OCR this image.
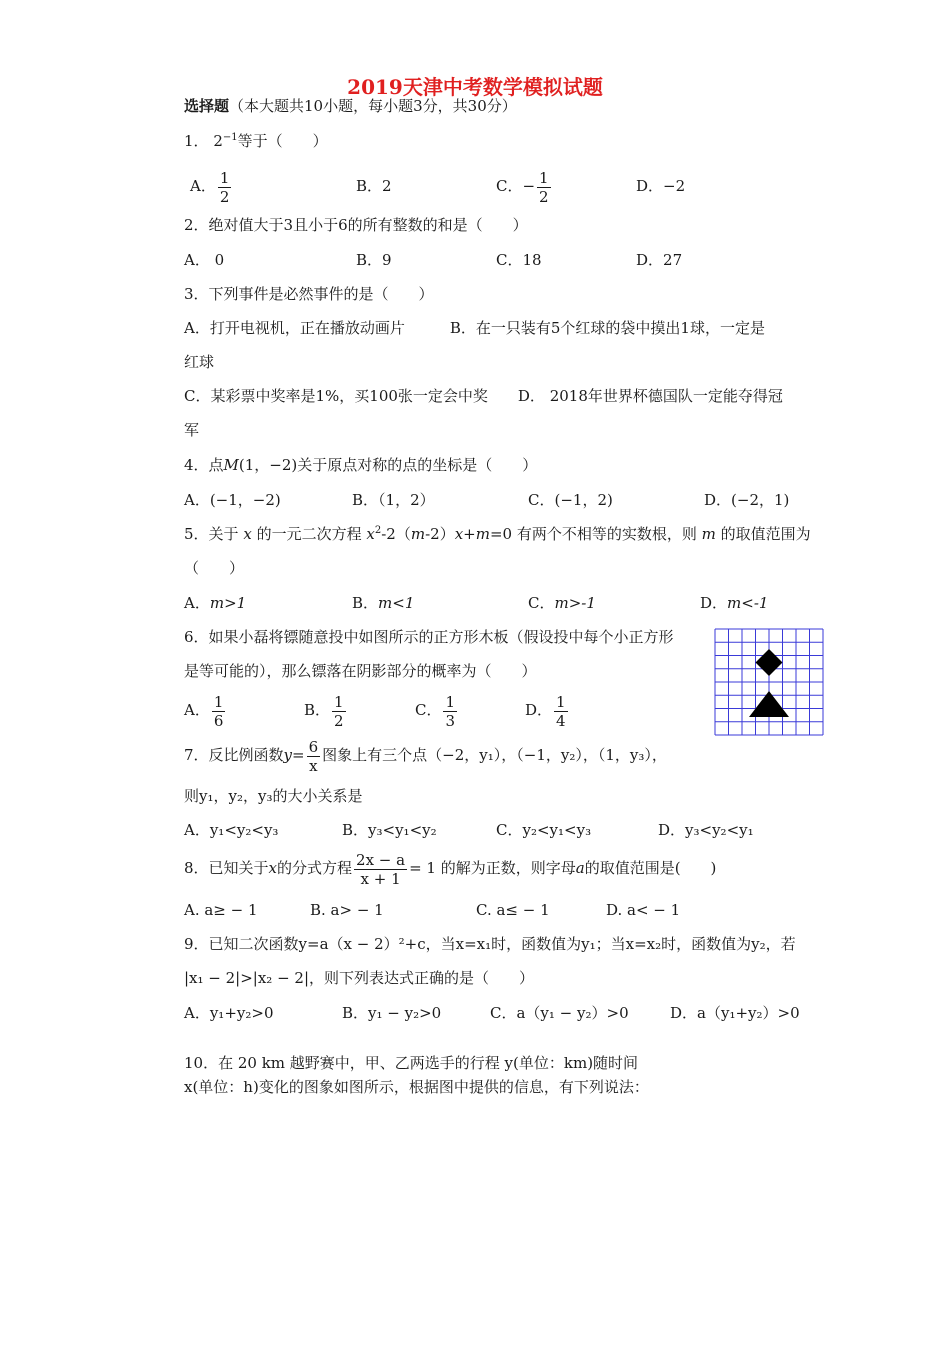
2019天津中考数学模拟试题
选择题（本大题共10小题，每小题3分，共30分）
1． $2^{-1}$等于（　　）
A． $\frac{1}{2}$	B．2	C．− $\frac{1}{2}$	D．−2
2．绝对值大于3且小于6的所有整数的和是（　　）
A． 0	B．9	C．18	D．27
3．下列事件是必然事件的是（　　）
A．打开电视机，正在播放动画片　　　B．在一只装有5个红球的袋中摸出1球，一定是
红球
C．某彩票中奖率是1%，买100张一定会中奖　　D． 2018年世界杯德国队一定能夺得冠
军
4．点M(1，−2)关于原点对称的点的坐标是（　　）
A．(−1，−2)	B．（1，2）	C．(−1，2)	D．(−2，1)
5．关于 x 的一元二次方程 $x^2-2(m-2)x+m=0$ 有两个不相等的实数根，则 m 的取值范围为
（　　）
A．m>1	B．m<1	C．m>-1	D．m<-1
6．如果小磊将镖随意投中如图所示的正方形木板（假设投中每个小正方形
是等可能的），那么镖落在阴影部分的概率为（　　）
A． $\frac{1}{6}$	B． $\frac{1}{2}$	C． $\frac{1}{3}$	D． $\frac{1}{4}$
7．反比例函数$y= \frac{6}{x}$ 图象上有三个点（−2，y₁），（−1，y₂），（1，y₃），
则y₁，y₂，y₃的大小关系是
A．y₁<y₂<y₃	B．y₃<y₁<y₂	C．y₂<y₁<y₃	D．y₃<y₂<y₁
8．已知关于x的分式方程 $\frac{2x - a}{x + 1} = 1$ 的解为正数，则字母a的取值范围是(　　)
A. a≥ − 1	B. a> − 1	C. a≤ − 1	D. a< − 1
9．已知二次函数y=a（x − 2）²+c，当x=x₁时，函数值为y₁；当x=x₂时，函数值为y₂，若
|x₁ − 2|>|x₂ − 2|，则下列表达式正确的是（　　）
A．y₁+y₂>0	B．y₁ − y₂>0	C．a（y₁ − y₂）>0	D．a（y₁+y₂）>0
10．在 20 km 越野赛中，甲、乙两选手的行程 y(单位：km)随时间
x(单位：h)变化的图象如图所示，根据图中提供的信息，有下列说法：
